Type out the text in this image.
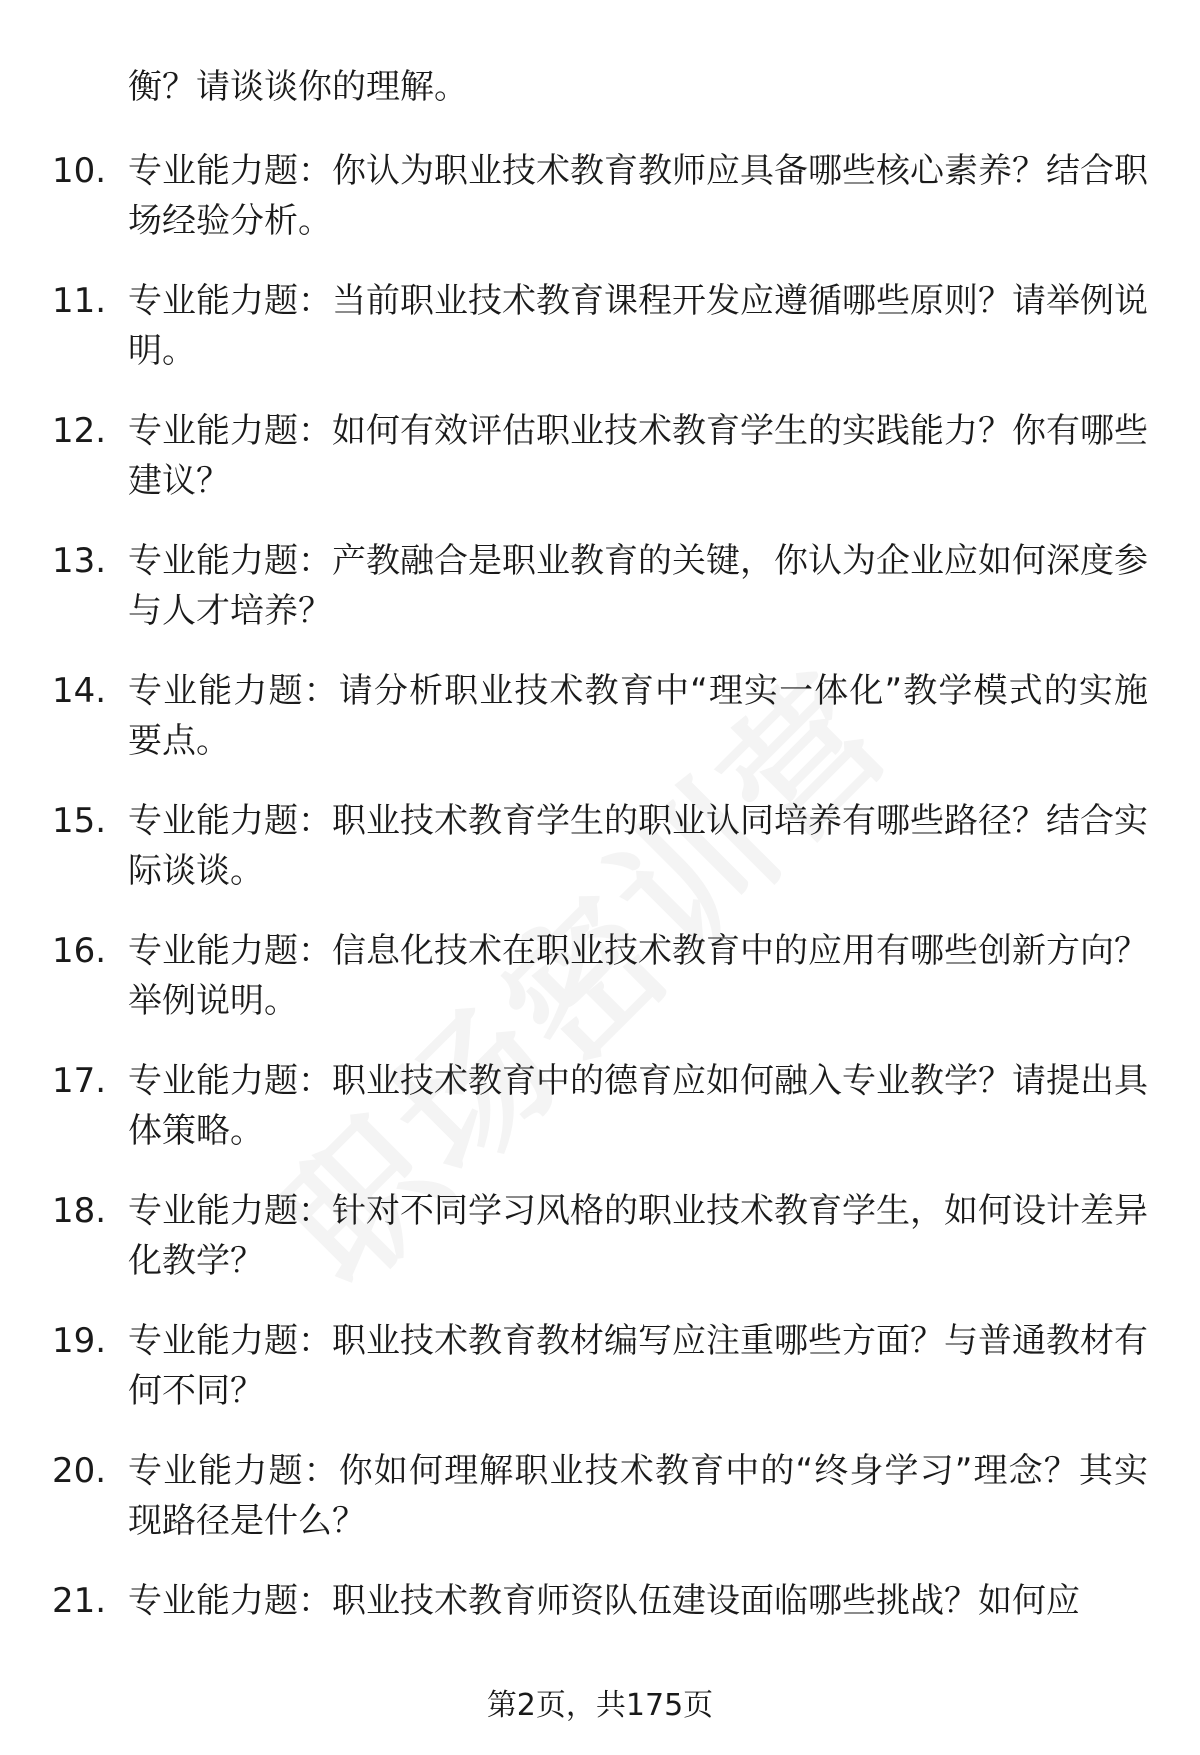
衡？请谈谈你的理解。

10. 专业能力题：你认为职业技术教育教师应具备哪些核心素养？结合职场经验分析。
11. 专业能力题：当前职业技术教育课程开发应遵循哪些原则？请举例说明。
12. 专业能力题：如何有效评估职业技术教育学生的实践能力？你有哪些建议？
13. 专业能力题：产教融合是职业教育的关键，你认为企业应如何深度参与人才培养？
14. 专业能力题：请分析职业技术教育中“理实一体化”教学模式的实施要点。
15. 专业能力题：职业技术教育学生的职业认同培养有哪些路径？结合实际谈谈。
16. 专业能力题：信息化技术在职业技术教育中的应用有哪些创新方向？举例说明。
17. 专业能力题：职业技术教育中的德育应如何融入专业教学？请提出具体策略。
18. 专业能力题：针对不同学习风格的职业技术教育学生，如何设计差异化教学？
19. 专业能力题：职业技术教育教材编写应注重哪些方面？与普通教材有何不同？
20. 专业能力题：你如何理解职业技术教育中的“终身学习”理念？其实现路径是什么？
21. 专业能力题：职业技术教育师资队伍建设面临哪些挑战？如何应
第2页，共175页
